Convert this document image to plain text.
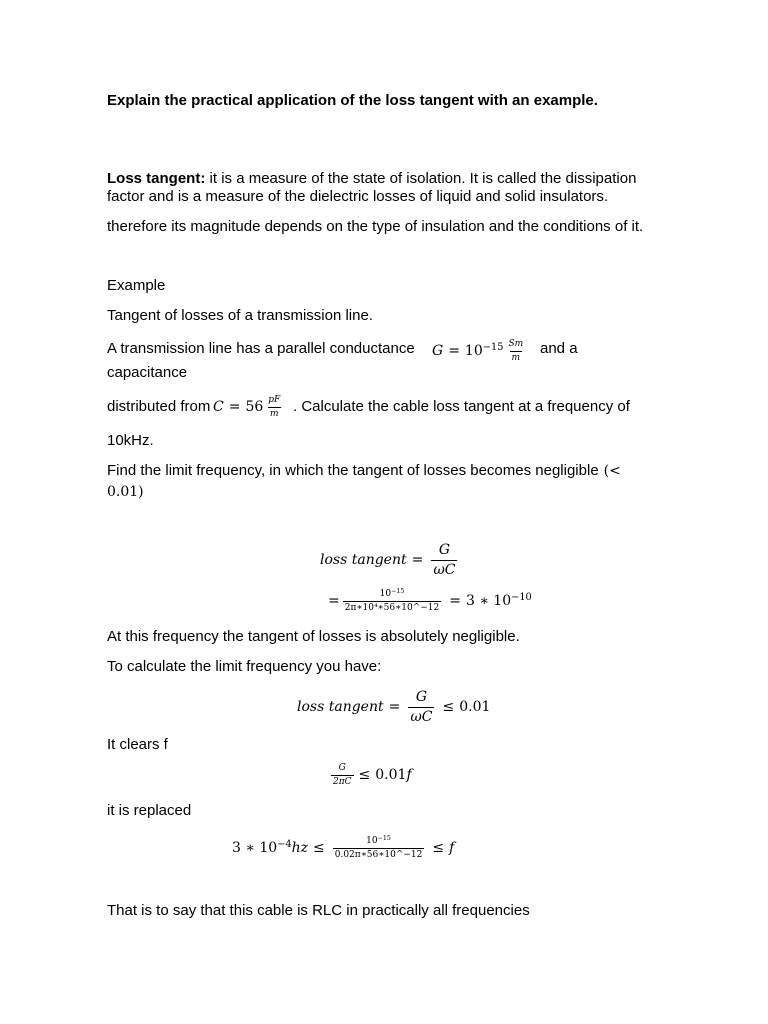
Explain the practical application of the loss tangent with an example.
Loss tangent: it is a measure of the state of isolation. It is called the dissipation
factor and is a measure of the dielectric losses of liquid and solid insulators.
therefore its magnitude depends on the type of insulation and the conditions of it.
Example
Tangent of losses of a transmission line.
A transmission line has a parallel conductance $G = 10^{-15} \frac{Sm}{m}$ and a
capacitance
distributed from $C = 56 \frac{pF}{m}$ . Calculate the cable loss tangent at a frequency of
10kHz.
Find the limit frequency, in which the tangent of losses becomes negligible (<
0.01)
loss tangent = $\frac{G}{\omega C}$
= $\frac{10^{-15}}{\text{2π∗10⁴∗56∗10\textasciicircum{}−12}} = 3$ ∗ $10^{-10}$
At this frequency the tangent of losses is absolutely negligible.
To calculate the limit frequency you have:
loss tangent = $\frac{G}{\omega C} \le 0.01$
It clears f
$\frac{G}{2\pi C} \le 0.01$ f
it is replaced
3 ∗ $10^{-4}hz \le \frac{10^{-15}}{0.02\pi∗56∗10\^{}-12} \le f$
That is to say that this cable is RLC in practically all frequencies
